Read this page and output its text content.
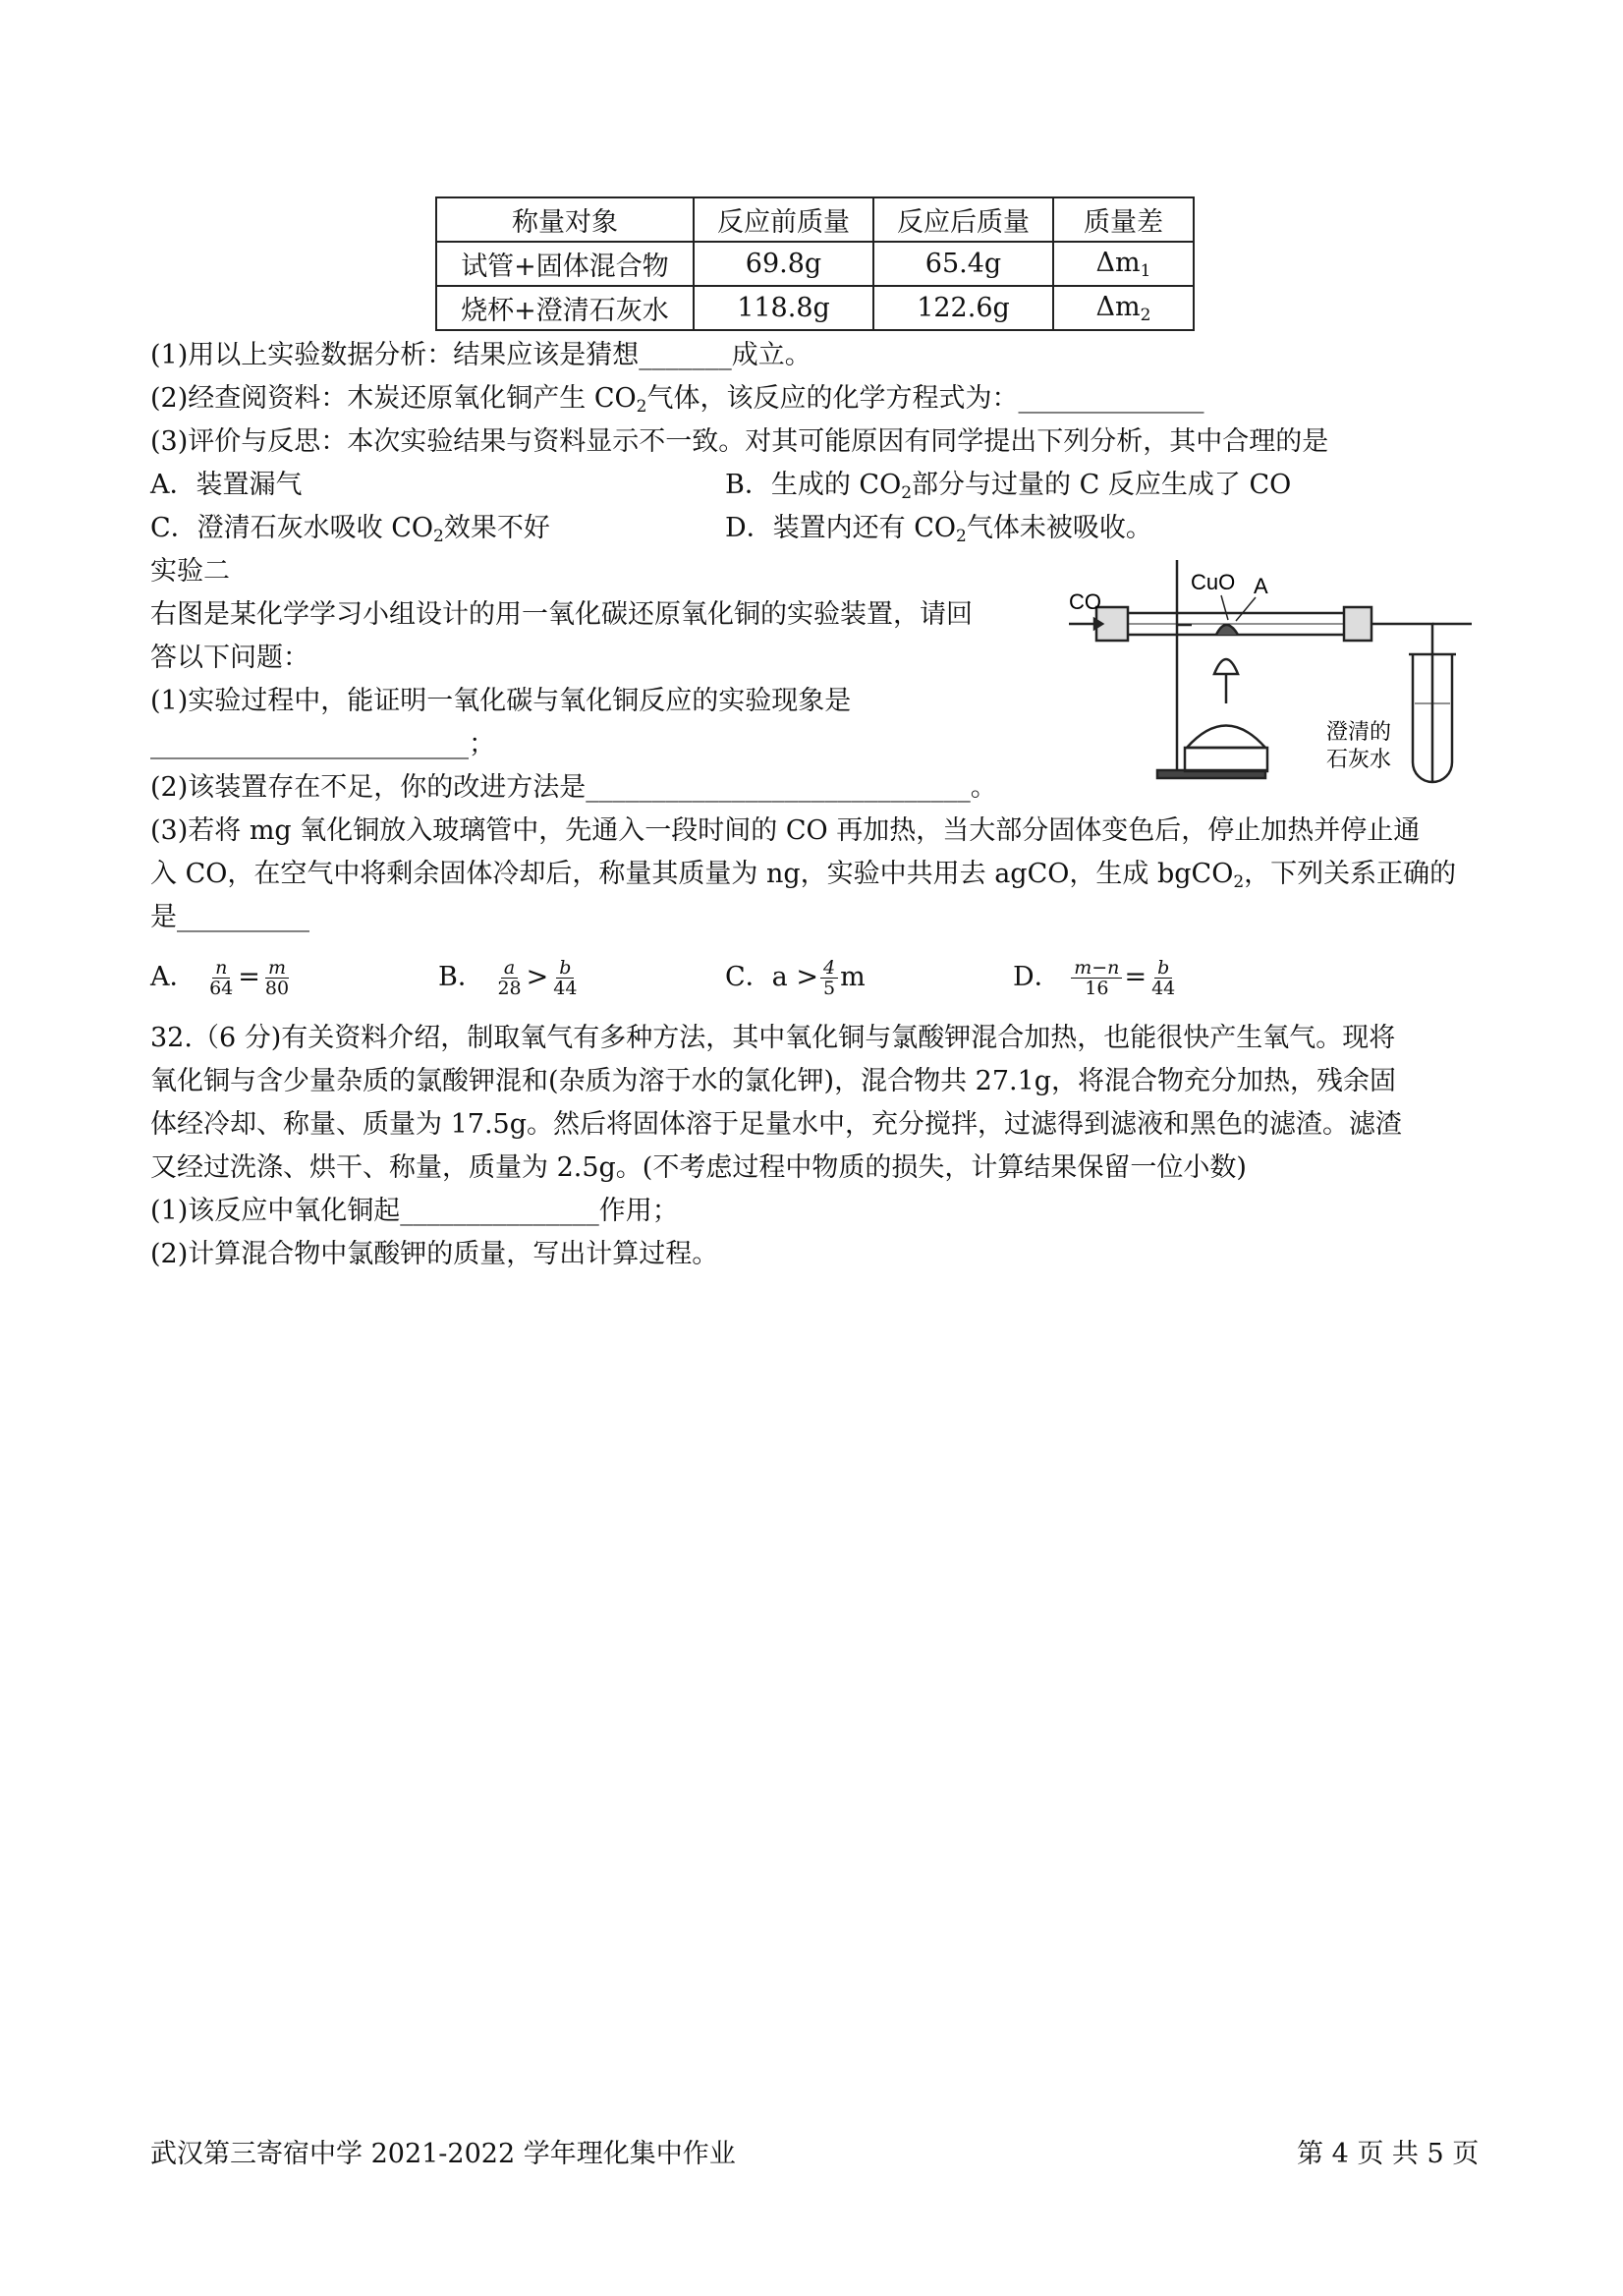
称量对象	反应前质量	反应后质量	质量差
试管+固体混合物	69.8g	65.4g	$\Delta m_1$
烧杯+澄清石灰水	118.8g	122.6g	$\Delta m_2$
(1)用以上实验数据分析：结果应该是猜想_______成立。
(2)经查阅资料：木炭还原氧化铜产生 $CO_2$气体，该反应的化学方程式为：______________
(3)评价与反思：本次实验结果与资料显示不一致。对其可能原因有同学提出下列分析，其中合理的是
A．装置漏气	B．生成的 $CO_2$部分与过量的 C 反应生成了 CO
C．澄清石灰水吸收 $CO_2$效果不好	D．装置内还有 $CO_2$气体未被吸收。
实验二
右图是某化学学习小组设计的用一氧化碳还原氧化铜的实验装置，请回
答以下问题：
(1)实验过程中，能证明一氧化碳与氧化铜反应的实验现象是
________________________；
(2)该装置存在不足，你的改进方法是_____________________________。
(3)若将 mg 氧化铜放入玻璃管中，先通入一段时间的 CO 再加热，当大部分固体变色后，停止加热并停止通
入 CO，在空气中将剩余固体冷却后，称量其质量为 ng，实验中共用去 agCO，生成 bgCO$_2$，下列关系正确的
是__________
A． $\frac{n}{64} = \frac{m}{80}$	B． $\frac{a}{28} > \frac{b}{44}$	C．$a > \frac{4}{5}$ m	D． $\frac{m-n}{16} = \frac{b}{44}$
32.（6 分)有关资料介绍，制取氧气有多种方法，其中氧化铜与氯酸钾混合加热，也能很快产生氧气。现将
氧化铜与含少量杂质的氯酸钾混和(杂质为溶于水的氯化钾)，混合物共 27.1g，将混合物充分加热，残余固
体经冷却、称量、质量为 17.5g。然后将固体溶于足量水中，充分搅拌，过滤得到滤液和黑色的滤渣。滤渣
又经过洗涤、烘干、称量，质量为 2.5g。(不考虑过程中物质的损失，计算结果保留一位小数)
(1)该反应中氧化铜起_______________作用；
(2)计算混合物中氯酸钾的质量，写出计算过程。
CO
CuO A
澄清的
石灰水
武汉第三寄宿中学 2021-2022 学年理化集中作业	第 4 页 共 5 页
